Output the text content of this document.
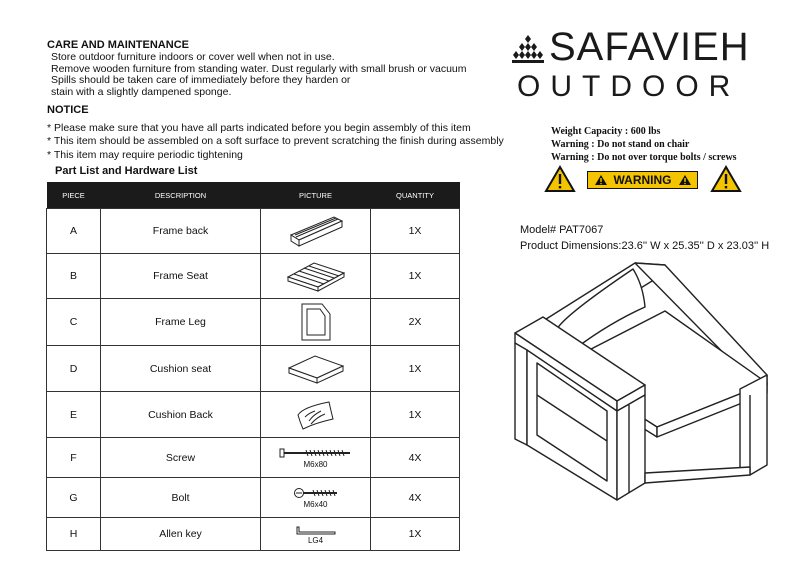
CARE AND MAINTENANCE
Store outdoor furniture indoors or cover well when not in use.
Remove wooden furniture from standing water. Dust regularly with small brush or vacuum
Spills should be taken care of immediately before they harden or
stain with a slightly dampened sponge.
NOTICE
* Please make sure that you have all parts indicated before you begin assembly of this item
* This item should be assembled on a soft surface to prevent scratching the finish during assembly
* This item may require periodic tightening
Part List and Hardware List
PIECE	DESCRIPTION	PICTURE	QUANTITY
A	Frame back		1X
B	Frame Seat		1X
C	Frame Leg		2X
D	Cushion seat		1X
E	Cushion Back		1X
F	Screw	M6x80	4X
G	Bolt	M6x40	4X
H	Allen key	LG4	1X
SAFAVIEH
OUTDOOR
Weight Capacity : 600 lbs
Warning : Do not stand on chair
Warning : Do not over torque bolts / screws
WARNING
Model# PAT7067
Product Dimensions:23.6'' W x 25.35'' D x 23.03'' H
